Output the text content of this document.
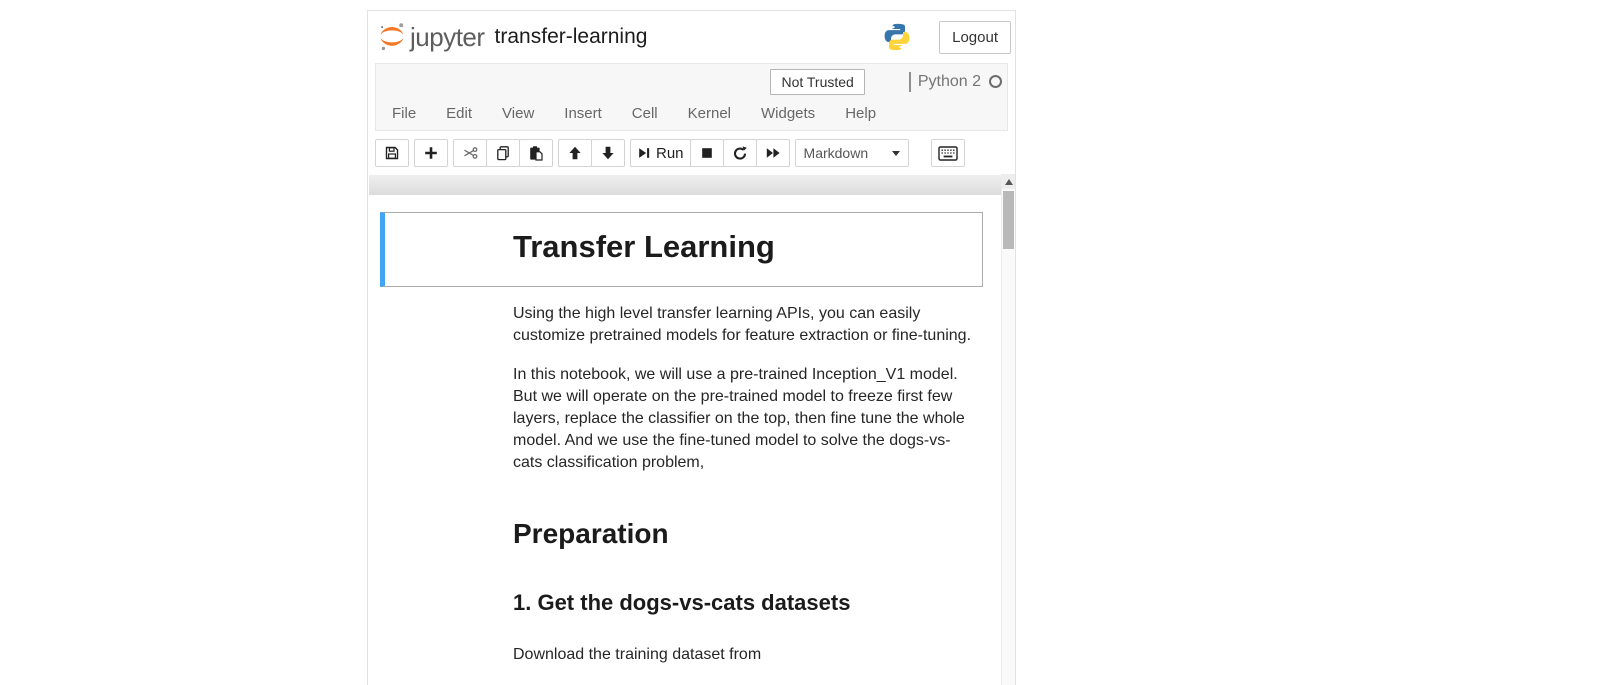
jupyter transfer-learning	Logout
Not Trusted	Python 2
File	Edit	View	Insert	Cell	Kernel	Widgets	Help
Run	Markdown
Transfer Learning

Using the high level transfer learning APIs, you can easily customize pretrained models for feature extraction or fine-tuning.

In this notebook, we will use a pre-trained Inception_V1 model. But we will operate on the pre-trained model to freeze first few layers, replace the classifier on the top, then fine tune the whole model. And we use the fine-tuned model to solve the dogs-vs-cats classification problem,

Preparation
1. Get the dogs-vs-cats datasets

Download the training dataset from
